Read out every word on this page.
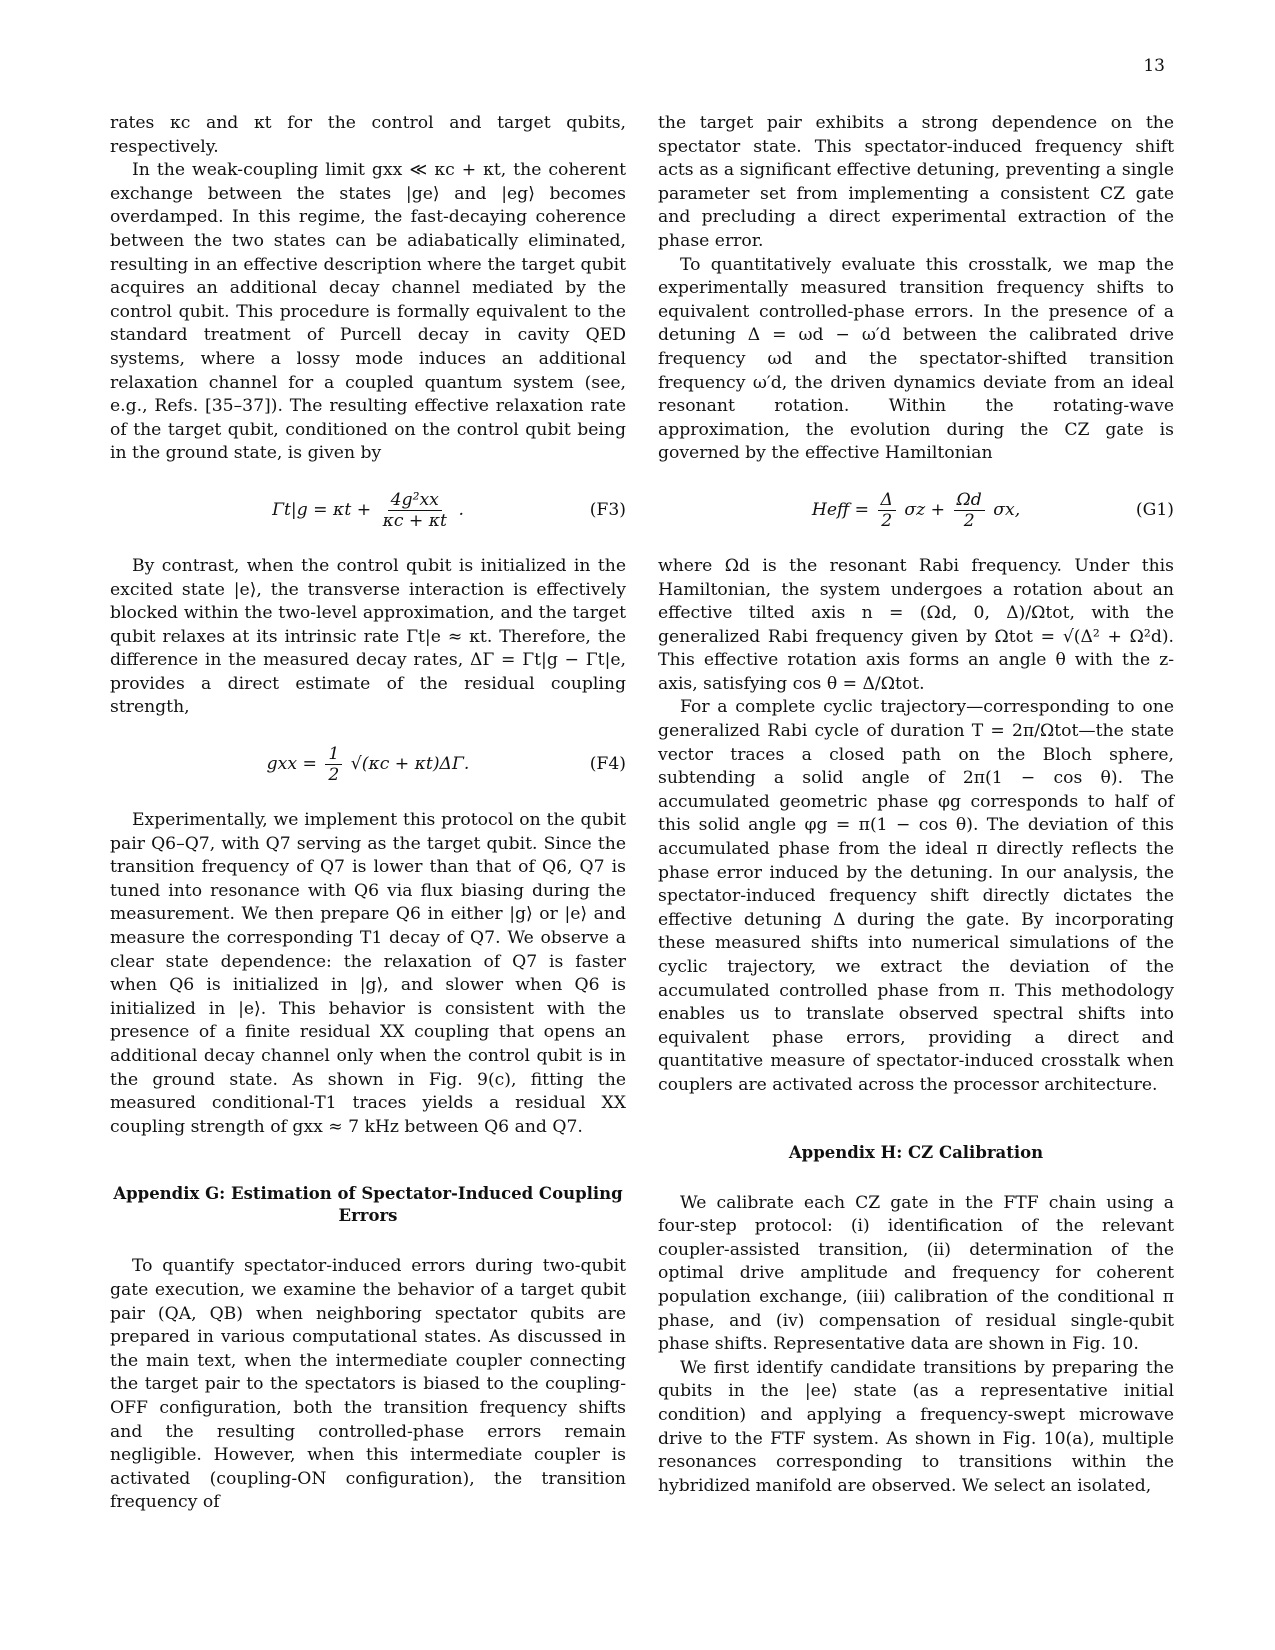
13

rates κc and κt for the control and target qubits, respectively.

In the weak-coupling limit gxx ≪ κc + κt, the coherent exchange between the states |ge⟩ and |eg⟩ becomes overdamped. In this regime, the fast-decaying coherence between the two states can be adiabatically eliminated, resulting in an effective description where the target qubit acquires an additional decay channel mediated by the control qubit. This procedure is formally equivalent to the standard treatment of Purcell decay in cavity QED systems, where a lossy mode induces an additional relaxation channel for a coupled quantum system (see, e.g., Refs. [35–37]). The resulting effective relaxation rate of the target qubit, conditioned on the control qubit being in the ground state, is given by

$\Gamma t|g = \kappa t + \frac{\text{4g²xx}}{\kappa c + \kappa t}$ .	(F3)

By contrast, when the control qubit is initialized in the excited state |e⟩, the transverse interaction is effectively blocked within the two-level approximation, and the target qubit relaxes at its intrinsic rate Γt|e ≈ κt. Therefore, the difference in the measured decay rates, ΔΓ = Γt|g − Γt|e, provides a direct estimate of the residual coupling strength,

gxx = $\frac{1}{2} √(\kappa c + \kappa t)\Delta\Gamma$.	(F4)

Experimentally, we implement this protocol on the qubit pair Q6–Q7, with Q7 serving as the target qubit. Since the transition frequency of Q7 is lower than that of Q6, Q7 is tuned into resonance with Q6 via flux biasing during the measurement. We then prepare Q6 in either |g⟩ or |e⟩ and measure the corresponding T1 decay of Q7. We observe a clear state dependence: the relaxation of Q7 is faster when Q6 is initialized in |g⟩, and slower when Q6 is initialized in |e⟩. This behavior is consistent with the presence of a finite residual XX coupling that opens an additional decay channel only when the control qubit is in the ground state. As shown in Fig. 9(c), fitting the measured conditional-T1 traces yields a residual XX coupling strength of gxx ≈ 7 kHz between Q6 and Q7.

Appendix G: Estimation of Spectator-Induced Coupling Errors

To quantify spectator-induced errors during two-qubit gate execution, we examine the behavior of a target qubit pair (QA, QB) when neighboring spectator qubits are prepared in various computational states. As discussed in the main text, when the intermediate coupler connecting the target pair to the spectators is biased to the coupling-OFF configuration, both the transition frequency shifts and the resulting controlled-phase errors remain negligible. However, when this intermediate coupler is activated (coupling-ON configuration), the transition frequency of

the target pair exhibits a strong dependence on the spectator state. This spectator-induced frequency shift acts as a significant effective detuning, preventing a single parameter set from implementing a consistent CZ gate and precluding a direct experimental extraction of the phase error.

To quantitatively evaluate this crosstalk, we map the experimentally measured transition frequency shifts to equivalent controlled-phase errors. In the presence of a detuning Δ = ωd − ω′d between the calibrated drive frequency ωd and the spectator-shifted transition frequency ω′d, the driven dynamics deviate from an ideal resonant rotation. Within the rotating-wave approximation, the evolution during the CZ gate is governed by the effective Hamiltonian

Heff = $\frac{\Delta}{2}$ $\sigma z + \frac{\Omega d}{2} \sigma x$,	(G1)

where Ωd is the resonant Rabi frequency. Under this Hamiltonian, the system undergoes a rotation about an effective tilted axis n = (Ωd, 0, Δ)/Ωtot, with the generalized Rabi frequency given by Ωtot = √(Δ² + Ω²d). This effective rotation axis forms an angle θ with the z-axis, satisfying cos θ = Δ/Ωtot.

For a complete cyclic trajectory—corresponding to one generalized Rabi cycle of duration T = 2π/Ωtot—the state vector traces a closed path on the Bloch sphere, subtending a solid angle of 2π(1 − cos θ). The accumulated geometric phase φg corresponds to half of this solid angle φg = π(1 − cos θ). The deviation of this accumulated phase from the ideal π directly reflects the phase error induced by the detuning. In our analysis, the spectator-induced frequency shift directly dictates the effective detuning Δ during the gate. By incorporating these measured shifts into numerical simulations of the cyclic trajectory, we extract the deviation of the accumulated controlled phase from π. This methodology enables us to translate observed spectral shifts into equivalent phase errors, providing a direct and quantitative measure of spectator-induced crosstalk when couplers are activated across the processor architecture.

Appendix H: CZ Calibration

We calibrate each CZ gate in the FTF chain using a four-step protocol: (i) identification of the relevant coupler-assisted transition, (ii) determination of the optimal drive amplitude and frequency for coherent population exchange, (iii) calibration of the conditional π phase, and (iv) compensation of residual single-qubit phase shifts. Representative data are shown in Fig. 10.

We first identify candidate transitions by preparing the qubits in the |ee⟩ state (as a representative initial condition) and applying a frequency-swept microwave drive to the FTF system. As shown in Fig. 10(a), multiple resonances corresponding to transitions within the hybridized manifold are observed. We select an isolated,
